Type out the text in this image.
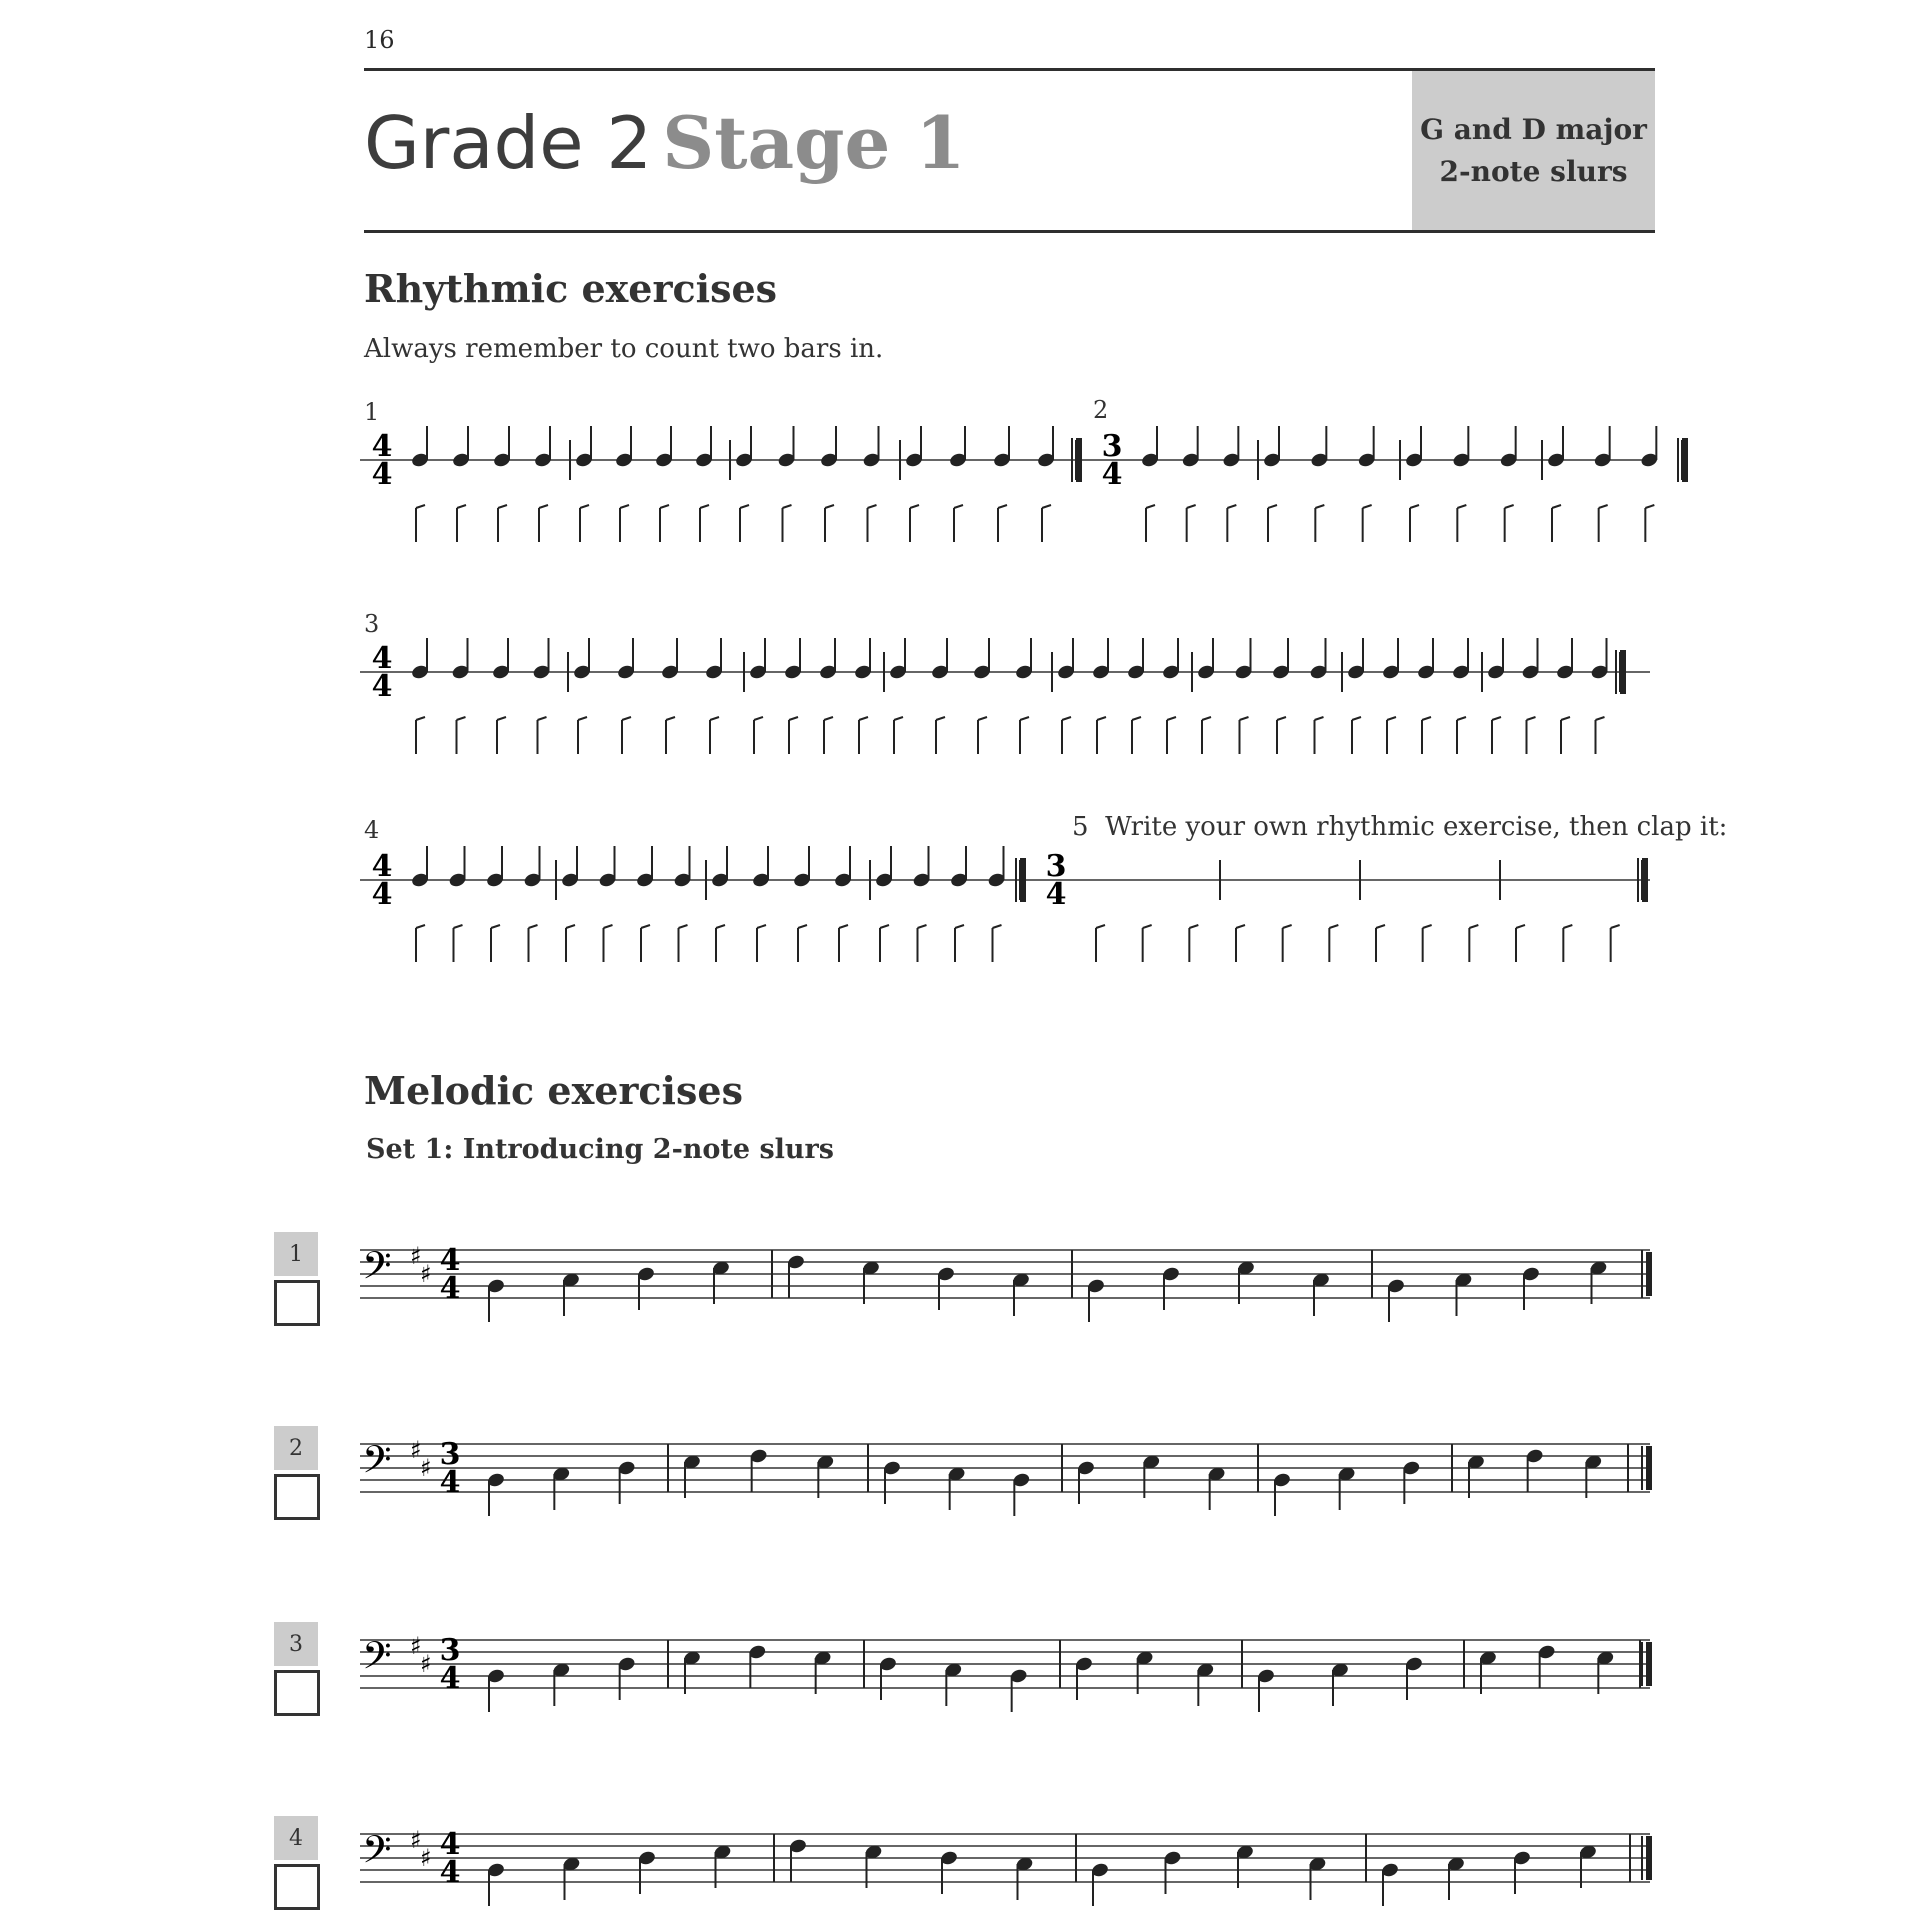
16
Grade 2 Stage 1	G and D major
2-note slurs
Rhythmic exercises
Always remember to count two bars in.
1	2
3
4	5 Write your own rhythmic exercise, then clap it:
4
4
3
4
4
4
4
4
3
4
Melodic exercises
Set 1: Introducing 2-note slurs
1
2
3
4
𝄢 ♯
♯ 4
4
𝄢 ♯
♯ 3
4
𝄢 ♯
♯ 3
4
𝄢 ♯
♯ 4
4
